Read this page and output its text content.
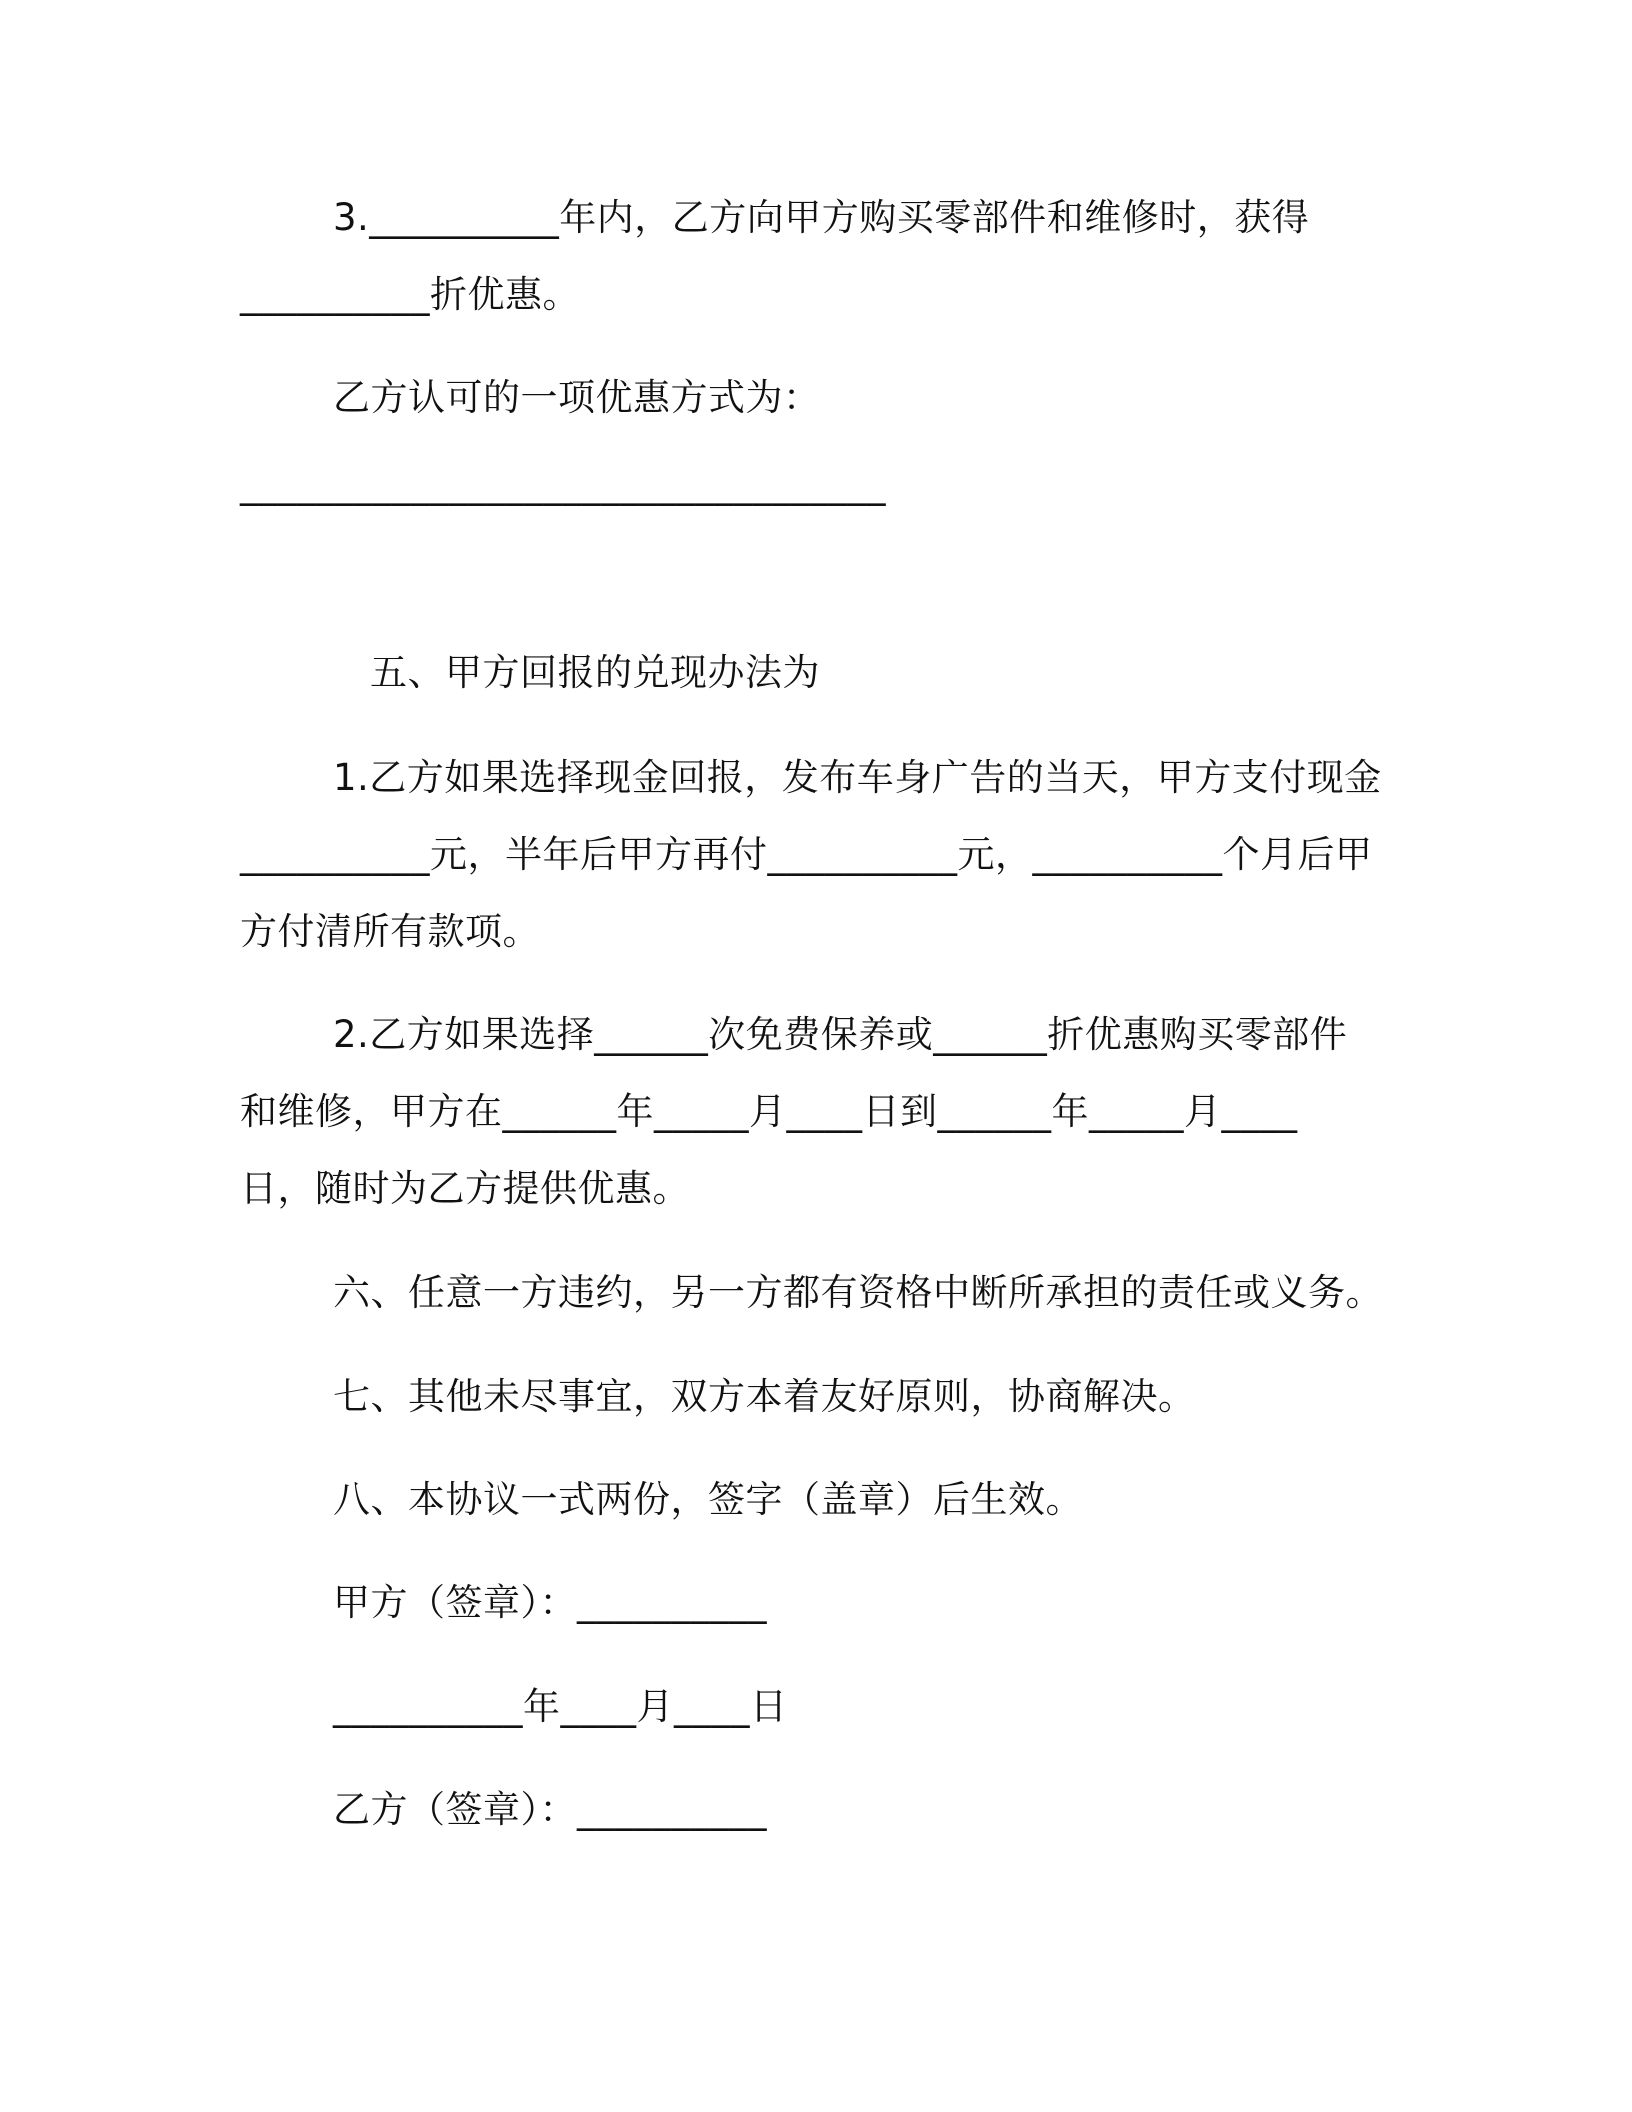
3.__________年内，乙方向甲方购买零部件和维修时，获得
__________折优惠。
乙方认可的一项优惠方式为：
__________________________________
五、甲方回报的兑现办法为
1.乙方如果选择现金回报，发布车身广告的当天，甲方支付现金
__________元，半年后甲方再付__________元，__________个月后甲
方付清所有款项。
2.乙方如果选择______次免费保养或______折优惠购买零部件
和维修，甲方在______年_____月____日到______年_____月____
日，随时为乙方提供优惠。
六、任意一方违约，另一方都有资格中断所承担的责任或义务。
七、其他未尽事宜，双方本着友好原则，协商解决。
八、本协议一式两份，签字（盖章）后生效。
甲方（签章）：__________
__________年____月____日
乙方（签章）：__________
